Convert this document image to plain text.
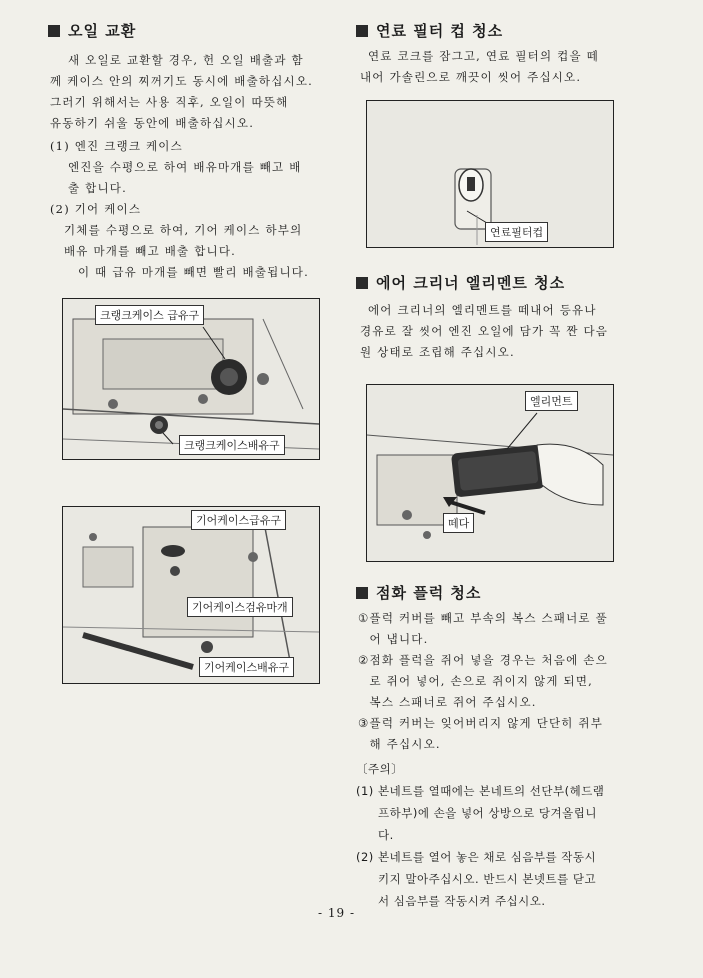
오일 교환

새 오일로 교환할 경우, 헌 오일 배출과 함

께 케이스 안의 찌꺼기도 동시에 배출하십시오.

그러기 위해서는 사용 직후, 오일이 따뜻해

유동하기 쉬울 동안에 배출하십시오.

(1) 엔진 크랭크 케이스

엔진을 수평으로 하여 배유마개를 빼고 배

출 합니다.

(2) 기어 케이스

기체를 수평으로 하여, 기어 케이스 하부의

배유 마개를 빼고 배출 합니다.

이 때 급유 마개를 빼면 빨리 배출됩니다.

크랭크케이스 급유구
크랭크케이스배유구
기어케이스급유구
기어케이스검유마개
기어케이스배유구
연료 필터 컵 청소

연료 코크를 잠그고, 연료 필터의 컵을 떼

내어 가솔린으로 깨끗이 씻어 주십시오.

연료필터컵
에어 크리너 엘리멘트 청소

에어 크리너의 엘리멘트를 떼내어 등유나

경유로 잘 씻어 엔진 오일에 담가 꼭 짠 다음

원 상태로 조립해 주십시오.

엘리먼트
떼다
점화 플럭 청소
① 플럭 커버를 빼고 부속의 복스 스패너로 풀

어 냅니다.

② 점화 플럭을 쥐어 넣을 경우는 처음에 손으

로 쥐어 넣어, 손으로 쥐이지 않게 되면,

복스 스패너로 쥐어 주십시오.

③ 플럭 커버는 잊어버리지 않게 단단히 쥐부

해 주십시오.

〔주의〕
(1) 본네트를 열때에는 본네트의 선단부(헤드램
프하부)에 손을 넣어 상방으로 당겨올립니
다.
(2) 본네트를 열어 놓은 채로 심음부를 작동시
키지 말아주십시오. 반드시 본넷트를 닫고
서 심음부를 작동시켜 주십시오.
- 19 -
